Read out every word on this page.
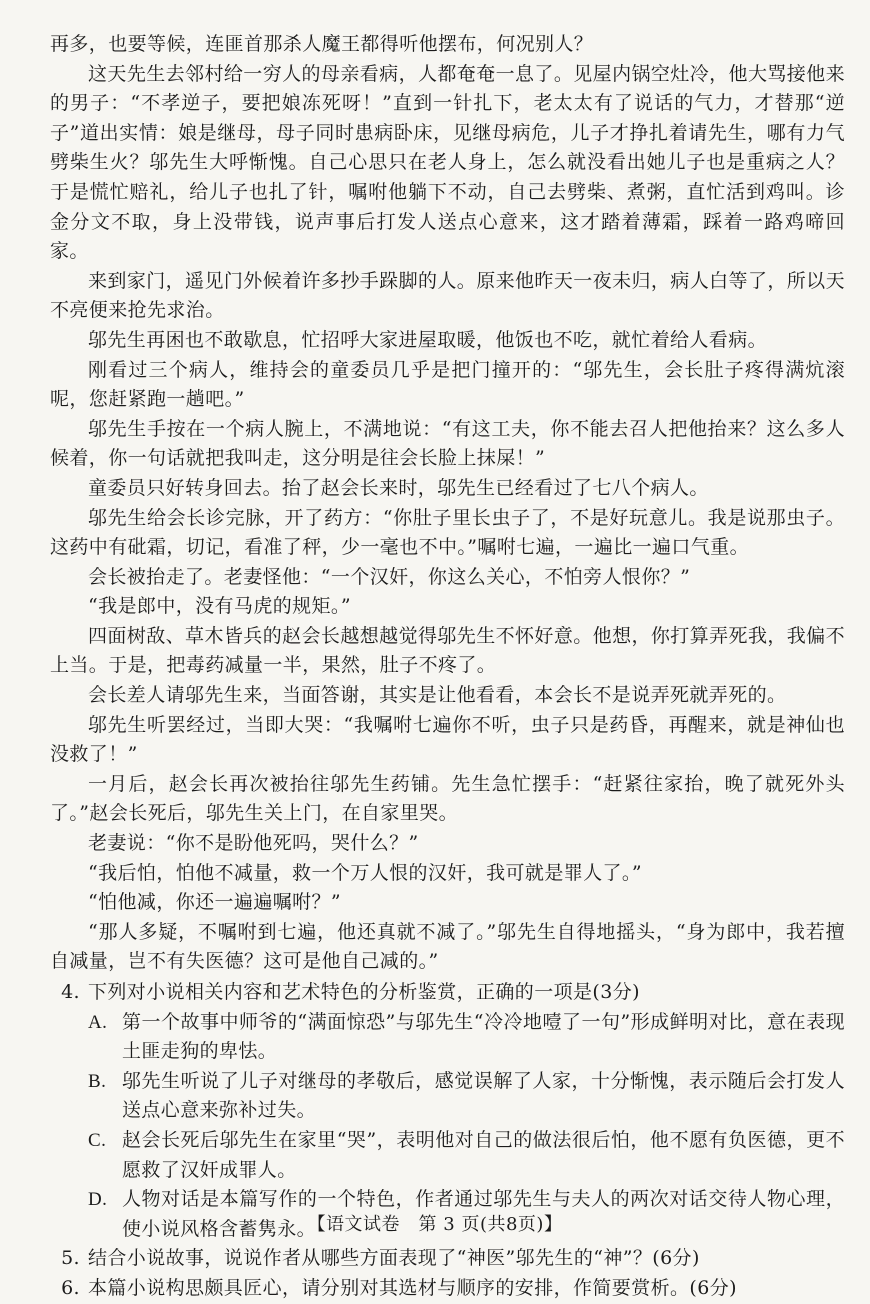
再多，也要等候，连匪首那杀人魔王都得听他摆布，何况别人？

这天先生去邻村给一穷人的母亲看病，人都奄奄一息了。见屋内锅空灶冷，他大骂接他来的男子：“不孝逆子，要把娘冻死呀！”直到一针扎下，老太太有了说话的气力，才替那“逆子”道出实情：娘是继母，母子同时患病卧床，见继母病危，儿子才挣扎着请先生，哪有力气劈柴生火？邬先生大呼惭愧。自己心思只在老人身上，怎么就没看出她儿子也是重病之人？于是慌忙赔礼，给儿子也扎了针，嘱咐他躺下不动，自己去劈柴、煮粥，直忙活到鸡叫。诊金分文不取，身上没带钱，说声事后打发人送点心意来，这才踏着薄霜，踩着一路鸡啼回家。

来到家门，遥见门外候着许多抄手跺脚的人。原来他昨天一夜未归，病人白等了，所以天不亮便来抢先求治。

邬先生再困也不敢歇息，忙招呼大家进屋取暖，他饭也不吃，就忙着给人看病。

刚看过三个病人，维持会的童委员几乎是把门撞开的：“邬先生，会长肚子疼得满炕滚呢，您赶紧跑一趟吧。”

邬先生手按在一个病人腕上，不满地说：“有这工夫，你不能去召人把他抬来？这么多人候着，你一句话就把我叫走，这分明是往会长脸上抹屎！”

童委员只好转身回去。抬了赵会长来时，邬先生已经看过了七八个病人。

邬先生给会长诊完脉，开了药方：“你肚子里长虫子了，不是好玩意儿。我是说那虫子。这药中有砒霜，切记，看准了秤，少一毫也不中。”嘱咐七遍，一遍比一遍口气重。

会长被抬走了。老妻怪他：“一个汉奸，你这么关心，不怕旁人恨你？”

“我是郎中，没有马虎的规矩。”

四面树敌、草木皆兵的赵会长越想越觉得邬先生不怀好意。他想，你打算弄死我，我偏不上当。于是，把毒药减量一半，果然，肚子不疼了。

会长差人请邬先生来，当面答谢，其实是让他看看，本会长不是说弄死就弄死的。

邬先生听罢经过，当即大哭：“我嘱咐七遍你不听，虫子只是药昏，再醒来，就是神仙也没救了！”

一月后，赵会长再次被抬往邬先生药铺。先生急忙摆手：“赶紧往家抬，晚了就死外头了。”赵会长死后，邬先生关上门，在自家里哭。

老妻说：“你不是盼他死吗，哭什么？”

“我后怕，怕他不减量，救一个万人恨的汉奸，我可就是罪人了。”

“怕他减，你还一遍遍嘱咐？”

“那人多疑，不嘱咐到七遍，他还真就不减了。”邬先生自得地摇头，“身为郎中，我若擅自减量，岂不有失医德？这可是他自己减的。”

4. 下列对小说相关内容和艺术特色的分析鉴赏，正确的一项是(3分)
A. 第一个故事中师爷的“满面惊恐”与邬先生“冷冷地噎了一句”形成鲜明对比，意在表现土匪走狗的卑怯。
B. 邬先生听说了儿子对继母的孝敬后，感觉误解了人家，十分惭愧，表示随后会打发人送点心意来弥补过失。
C. 赵会长死后邬先生在家里“哭”，表明他对自己的做法很后怕，他不愿有负医德，更不愿救了汉奸成罪人。
D. 人物对话是本篇写作的一个特色，作者通过邬先生与夫人的两次对话交待人物心理，使小说风格含蓄隽永。
5. 结合小说故事，说说作者从哪些方面表现了“神医”邬先生的“神”？(6分)
6. 本篇小说构思颇具匠心，请分别对其选材与顺序的安排，作简要赏析。(6分)
【语文试卷　第 3 页(共8页)】
